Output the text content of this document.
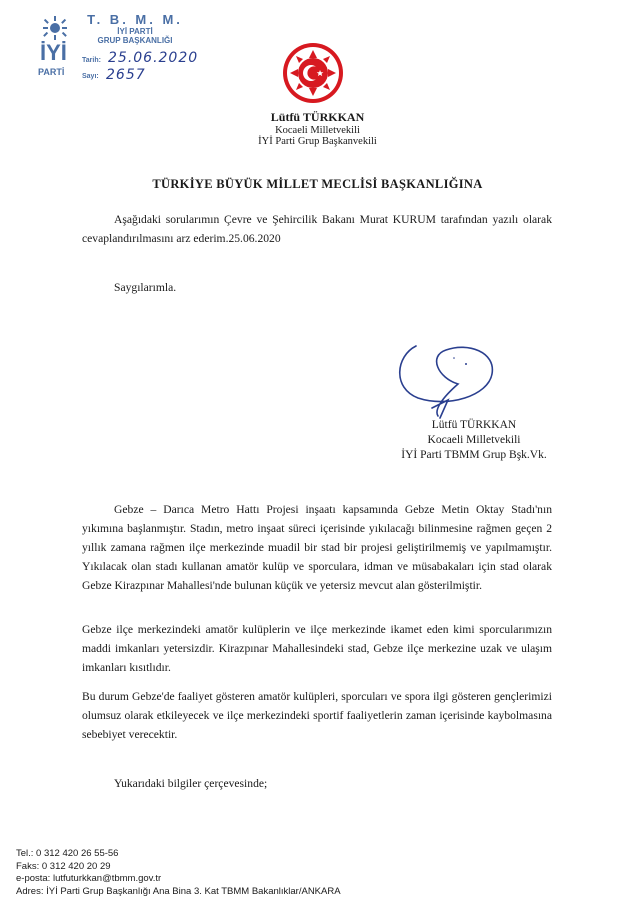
İYİ
PARTİ
T. B. M. M.
İYİ PARTİ
GRUP BAŞKANLIĞI
Tarih: 25.06.2020
Sayı: 2657
Lütfü TÜRKKAN
Kocaeli Milletvekili
İYİ Parti Grup Başkanvekili
TÜRKİYE BÜYÜK MİLLET MECLİSİ BAŞKANLIĞINA
Aşağıdaki sorularımın Çevre ve Şehircilik Bakanı Murat KURUM tarafından yazılı olarak cevaplandırılmasını arz ederim.25.06.2020
Saygılarımla.
Lütfü TÜRKKAN
Kocaeli Milletvekili
İYİ Parti TBMM Grup Bşk.Vk.
Gebze – Darıca Metro Hattı Projesi inşaatı kapsamında Gebze Metin Oktay Stadı'nın yıkımına başlanmıştır. Stadın, metro inşaat süreci içerisinde yıkılacağı bilinmesine rağmen geçen 2 yıllık zamana rağmen ilçe merkezinde muadil bir stad bir projesi geliştirilmemiş ve yapılmamıştır. Yıkılacak olan stadı kullanan amatör kulüp ve sporculara, idman ve müsabakaları için stad olarak Gebze Kirazpınar Mahallesi'nde bulunan küçük ve yetersiz mevcut alan gösterilmiştir.
Gebze ilçe merkezindeki amatör kulüplerin ve ilçe merkezinde ikamet eden kimi sporcularımızın maddi imkanları yetersizdir. Kirazpınar Mahallesindeki stad, Gebze ilçe merkezine uzak ve ulaşım imkanları kısıtlıdır.
Bu durum Gebze'de faaliyet gösteren amatör kulüpleri, sporcuları ve spora ilgi gösteren gençlerimizi olumsuz olarak etkileyecek ve ilçe merkezindeki sportif faaliyetlerin zaman içerisinde kaybolmasına sebebiyet verecektir.
Yukarıdaki bilgiler çerçevesinde;
Tel.: 0 312 420 26 55-56
Faks: 0 312 420 20 29
e-posta: lutfuturkkan@tbmm.gov.tr
Adres: İYİ Parti Grup Başkanlığı Ana Bina 3. Kat TBMM Bakanlıklar/ANKARA
